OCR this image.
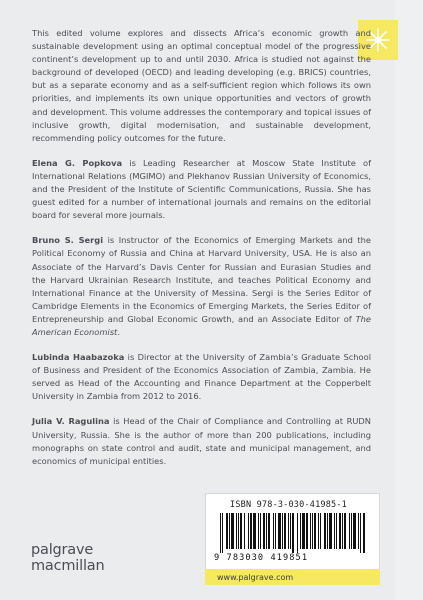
This edited volume explores and dissects Africa’s economic growth and sustainable development using an optimal conceptual model of the progressive continent’s development up to and until 2030. Africa is studied not against the background of developed (OECD) and leading developing (e.g. BRICS) countries, but as a separate economy and as a self-sufficient region which follows its own priorities, and implements its own unique opportunities and vectors of growth and development. This volume addresses the contemporary and topical issues of inclusive growth, digital modernisation, and sustainable development, recommending policy outcomes for the future.

Elena G. Popkova is Leading Researcher at Moscow State Institute of International Relations (MGIMO) and Plekhanov Russian University of Economics, and the President of the Institute of Scientific Communications, Russia. She has guest edited for a number of international journals and remains on the editorial board for several more journals.

Bruno S. Sergi is Instructor of the Economics of Emerging Markets and the Political Economy of Russia and China at Harvard University, USA. He is also an Associate of the Harvard’s Davis Center for Russian and Eurasian Studies and the Harvard Ukrainian Research Institute, and teaches Political Economy and International Finance at the University of Messina. Sergi is the Series Editor of Cambridge Elements in the Economics of Emerging Markets, the Series Editor of Entrepreneurship and Global Economic Growth, and an Associate Editor of The American Economist.

Lubinda Haabazoka is Director at the University of Zambia’s Graduate School of Business and President of the Economics Association of Zambia, Zambia. He served as Head of the Accounting and Finance Department at the Copperbelt University in Zambia from 2012 to 2016.

Julia V. Ragulina is Head of the Chair of Compliance and Controlling at RUDN University, Russia. She is the author of more than 200 publications, including monographs on state control and audit, state and municipal management, and economics of municipal entities.

ISBN 978-3-030-41985-1
9 783030 419851
www.palgrave.com
palgrave
macmillan
